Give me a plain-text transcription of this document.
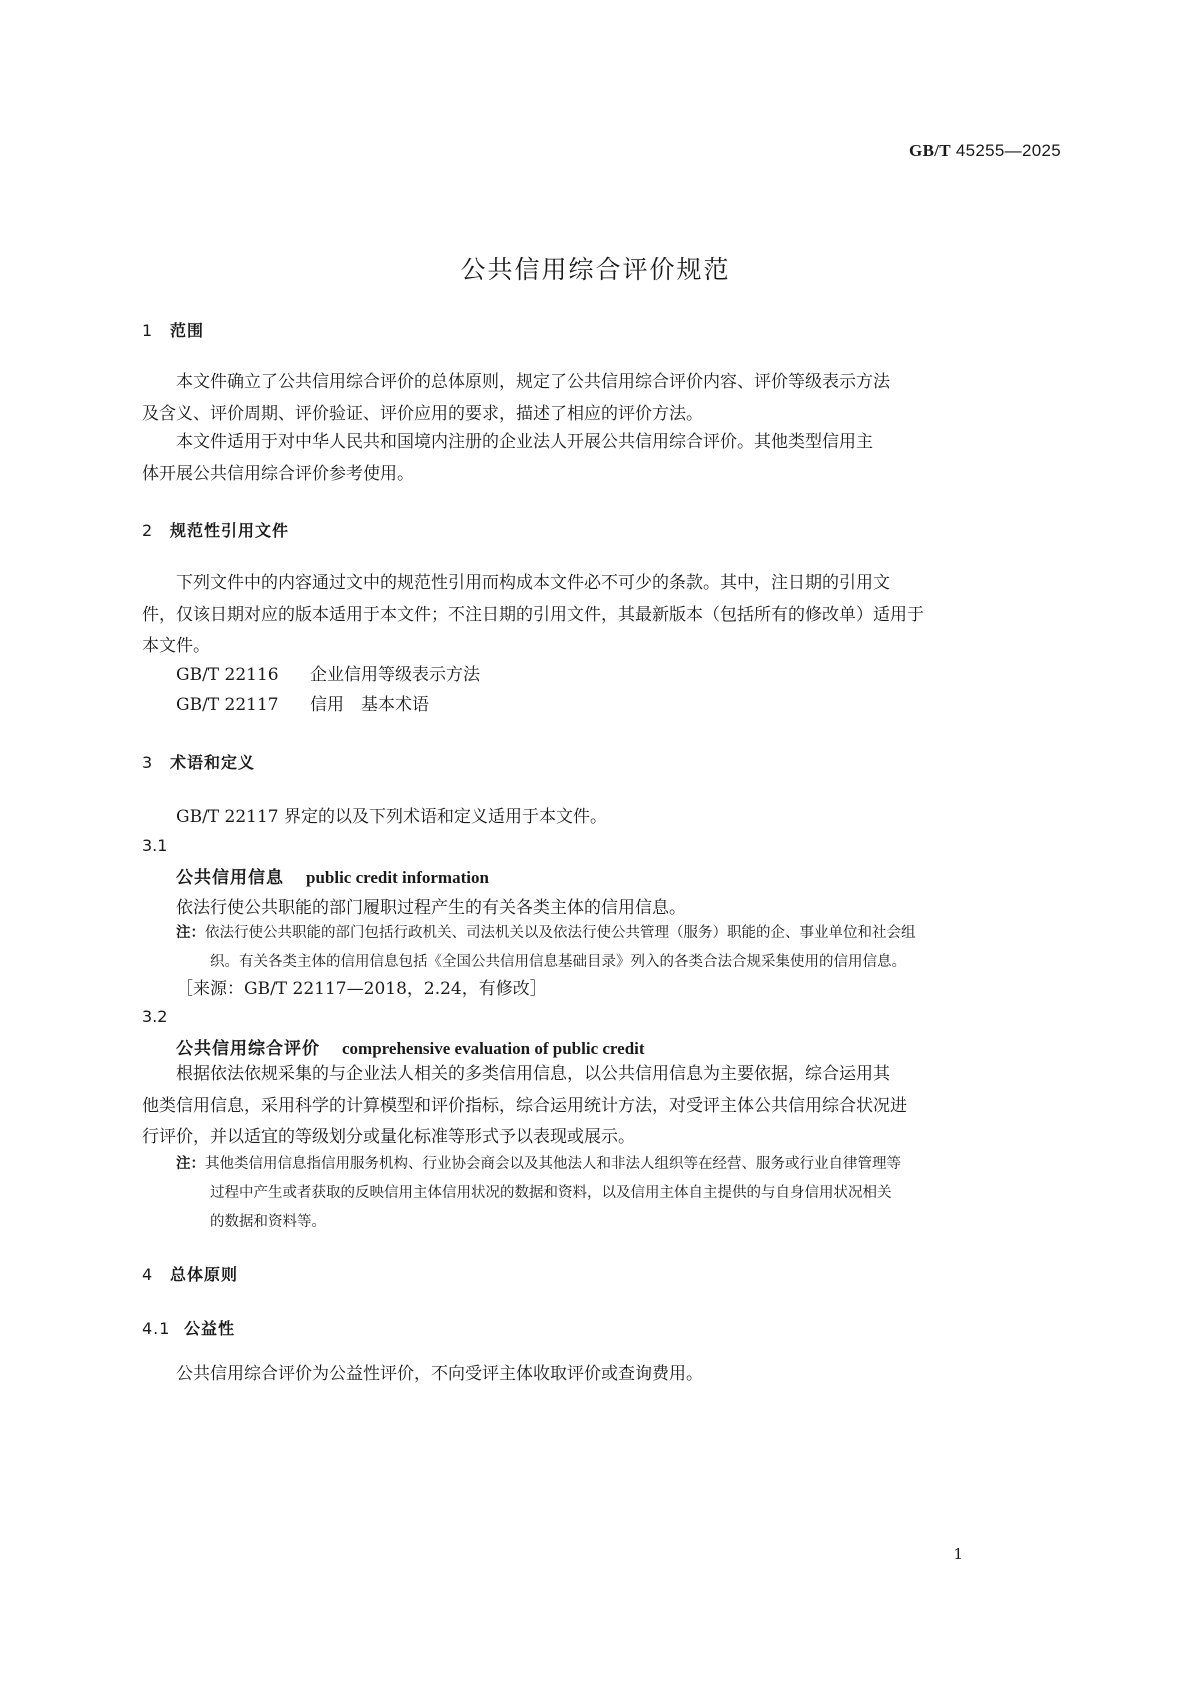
GB/T 45255—2025
公共信用综合评价规范
1 范围
本文件确立了公共信用综合评价的总体原则，规定了公共信用综合评价内容、评价等级表示方法
及含义、评价周期、评价验证、评价应用的要求，描述了相应的评价方法。
本文件适用于对中华人民共和国境内注册的企业法人开展公共信用综合评价。其他类型信用主
体开展公共信用综合评价参考使用。
2 规范性引用文件
下列文件中的内容通过文中的规范性引用而构成本文件必不可少的条款。其中，注日期的引用文
件，仅该日期对应的版本适用于本文件；不注日期的引用文件，其最新版本（包括所有的修改单）适用于
本文件。
GB/T 22116 企业信用等级表示方法
GB/T 22117 信用　基本术语
3 术语和定义
GB/T 22117 界定的以及下列术语和定义适用于本文件。
3.1
公共信用信息 public credit information
依法行使公共职能的部门履职过程产生的有关各类主体的信用信息。
注：依法行使公共职能的部门包括行政机关、司法机关以及依法行使公共管理（服务）职能的企、事业单位和社会组
织。有关各类主体的信用信息包括《全国公共信用信息基础目录》列入的各类合法合规采集使用的信用信息。
［来源：GB/T 22117—2018，2.24，有修改］
3.2
公共信用综合评价 comprehensive evaluation of public credit
根据依法依规采集的与企业法人相关的多类信用信息，以公共信用信息为主要依据，综合运用其
他类信用信息，采用科学的计算模型和评价指标，综合运用统计方法，对受评主体公共信用综合状况进
行评价，并以适宜的等级划分或量化标准等形式予以表现或展示。
注：其他类信用信息指信用服务机构、行业协会商会以及其他法人和非法人组织等在经营、服务或行业自律管理等
过程中产生或者获取的反映信用主体信用状况的数据和资料，以及信用主体自主提供的与自身信用状况相关
的数据和资料等。
4 总体原则
4.1 公益性
公共信用综合评价为公益性评价，不向受评主体收取评价或查询费用。
1
